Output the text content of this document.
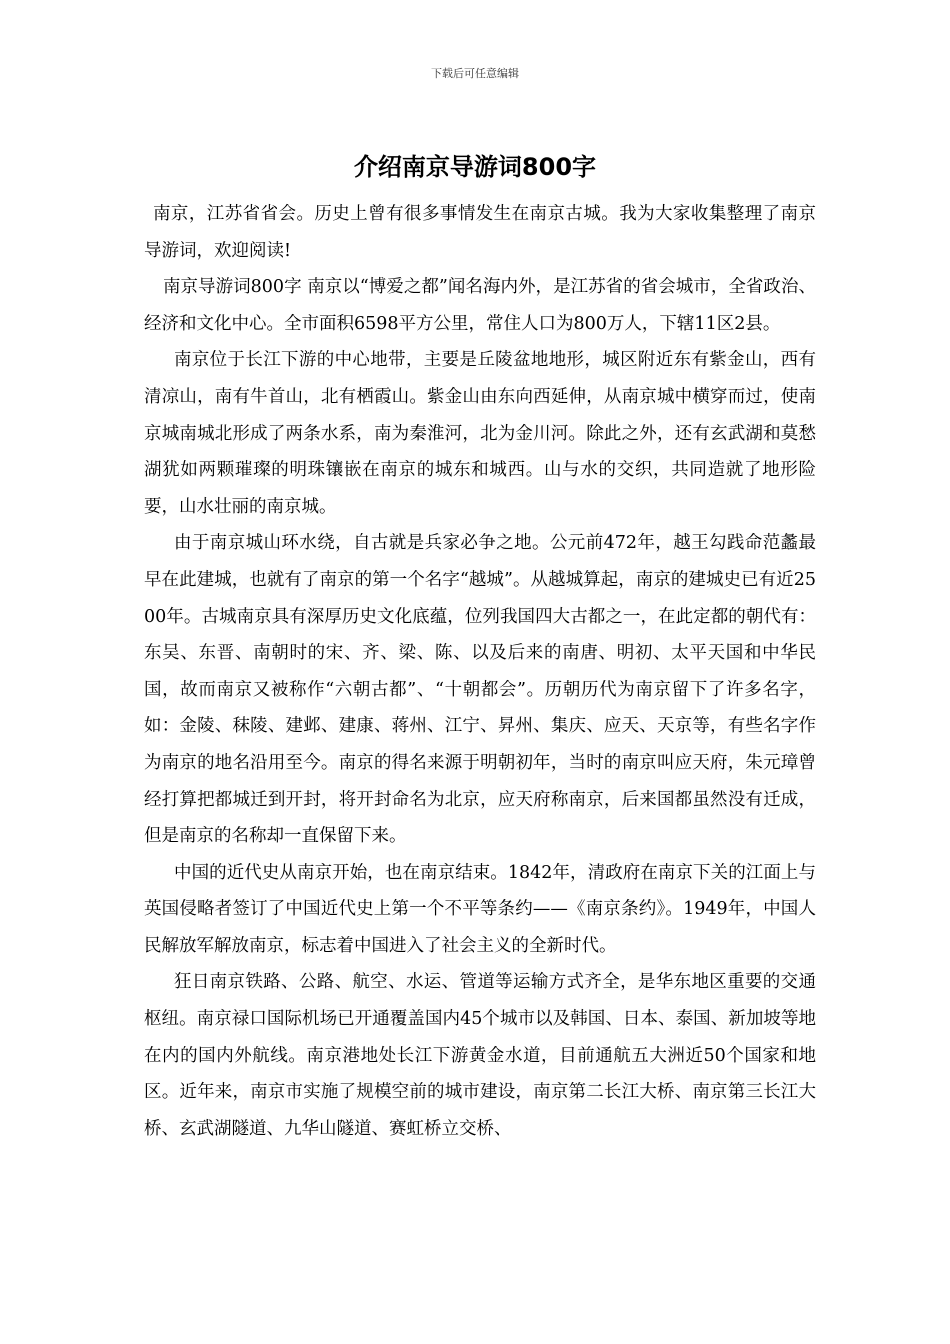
下载后可任意编辑
介绍南京导游词800字

南京，江苏省省会。历史上曾有很多事情发生在南京古城。我为大家收集整理了南京导游词，欢迎阅读!

南京导游词800字 南京以“博爱之都”闻名海内外，是江苏省的省会城市，全省政治、经济和文化中心。全市面积6598平方公里，常住人口为800万人，下辖11区2县。

南京位于长江下游的中心地带，主要是丘陵盆地地形，城区附近东有紫金山，西有清凉山，南有牛首山，北有栖霞山。紫金山由东向西延伸，从南京城中横穿而过，使南京城南城北形成了两条水系，南为秦淮河，北为金川河。除此之外，还有玄武湖和莫愁湖犹如两颗璀璨的明珠镶嵌在南京的城东和城西。山与水的交织，共同造就了地形险要，山水壮丽的南京城。

由于南京城山环水绕，自古就是兵家必争之地。公元前472年，越王勾践命范蠡最早在此建城，也就有了南京的第一个名字“越城”。从越城算起，南京的建城史已有近2500年。古城南京具有深厚历史文化底蕴，位列我国四大古都之一，在此定都的朝代有：东吴、东晋、南朝时的宋、齐、梁、陈、以及后来的南唐、明初、太平天国和中华民国，故而南京又被称作“六朝古都”、“十朝都会”。历朝历代为南京留下了许多名字，如：金陵、秣陵、建邺、建康、蒋州、江宁、昇州、集庆、应天、天京等，有些名字作为南京的地名沿用至今。南京的得名来源于明朝初年，当时的南京叫应天府，朱元璋曾经打算把都城迁到开封，将开封命名为北京，应天府称南京，后来国都虽然没有迁成，但是南京的名称却一直保留下来。

中国的近代史从南京开始，也在南京结束。1842年，清政府在南京下关的江面上与英国侵略者签订了中国近代史上第一个不平等条约——《南京条约》。1949年，中国人民解放军解放南京，标志着中国进入了社会主义的全新时代。

狂日南京铁路、公路、航空、水运、管道等运输方式齐全，是华东地区重要的交通枢纽。南京禄口国际机场已开通覆盖国内45个城市以及韩国、日本、泰国、新加坡等地在内的国内外航线。南京港地处长江下游黄金水道，目前通航五大洲近50个国家和地区。近年来，南京市实施了规模空前的城市建设，南京第二长江大桥、南京第三长江大桥、玄武湖隧道、九华山隧道、赛虹桥立交桥、
